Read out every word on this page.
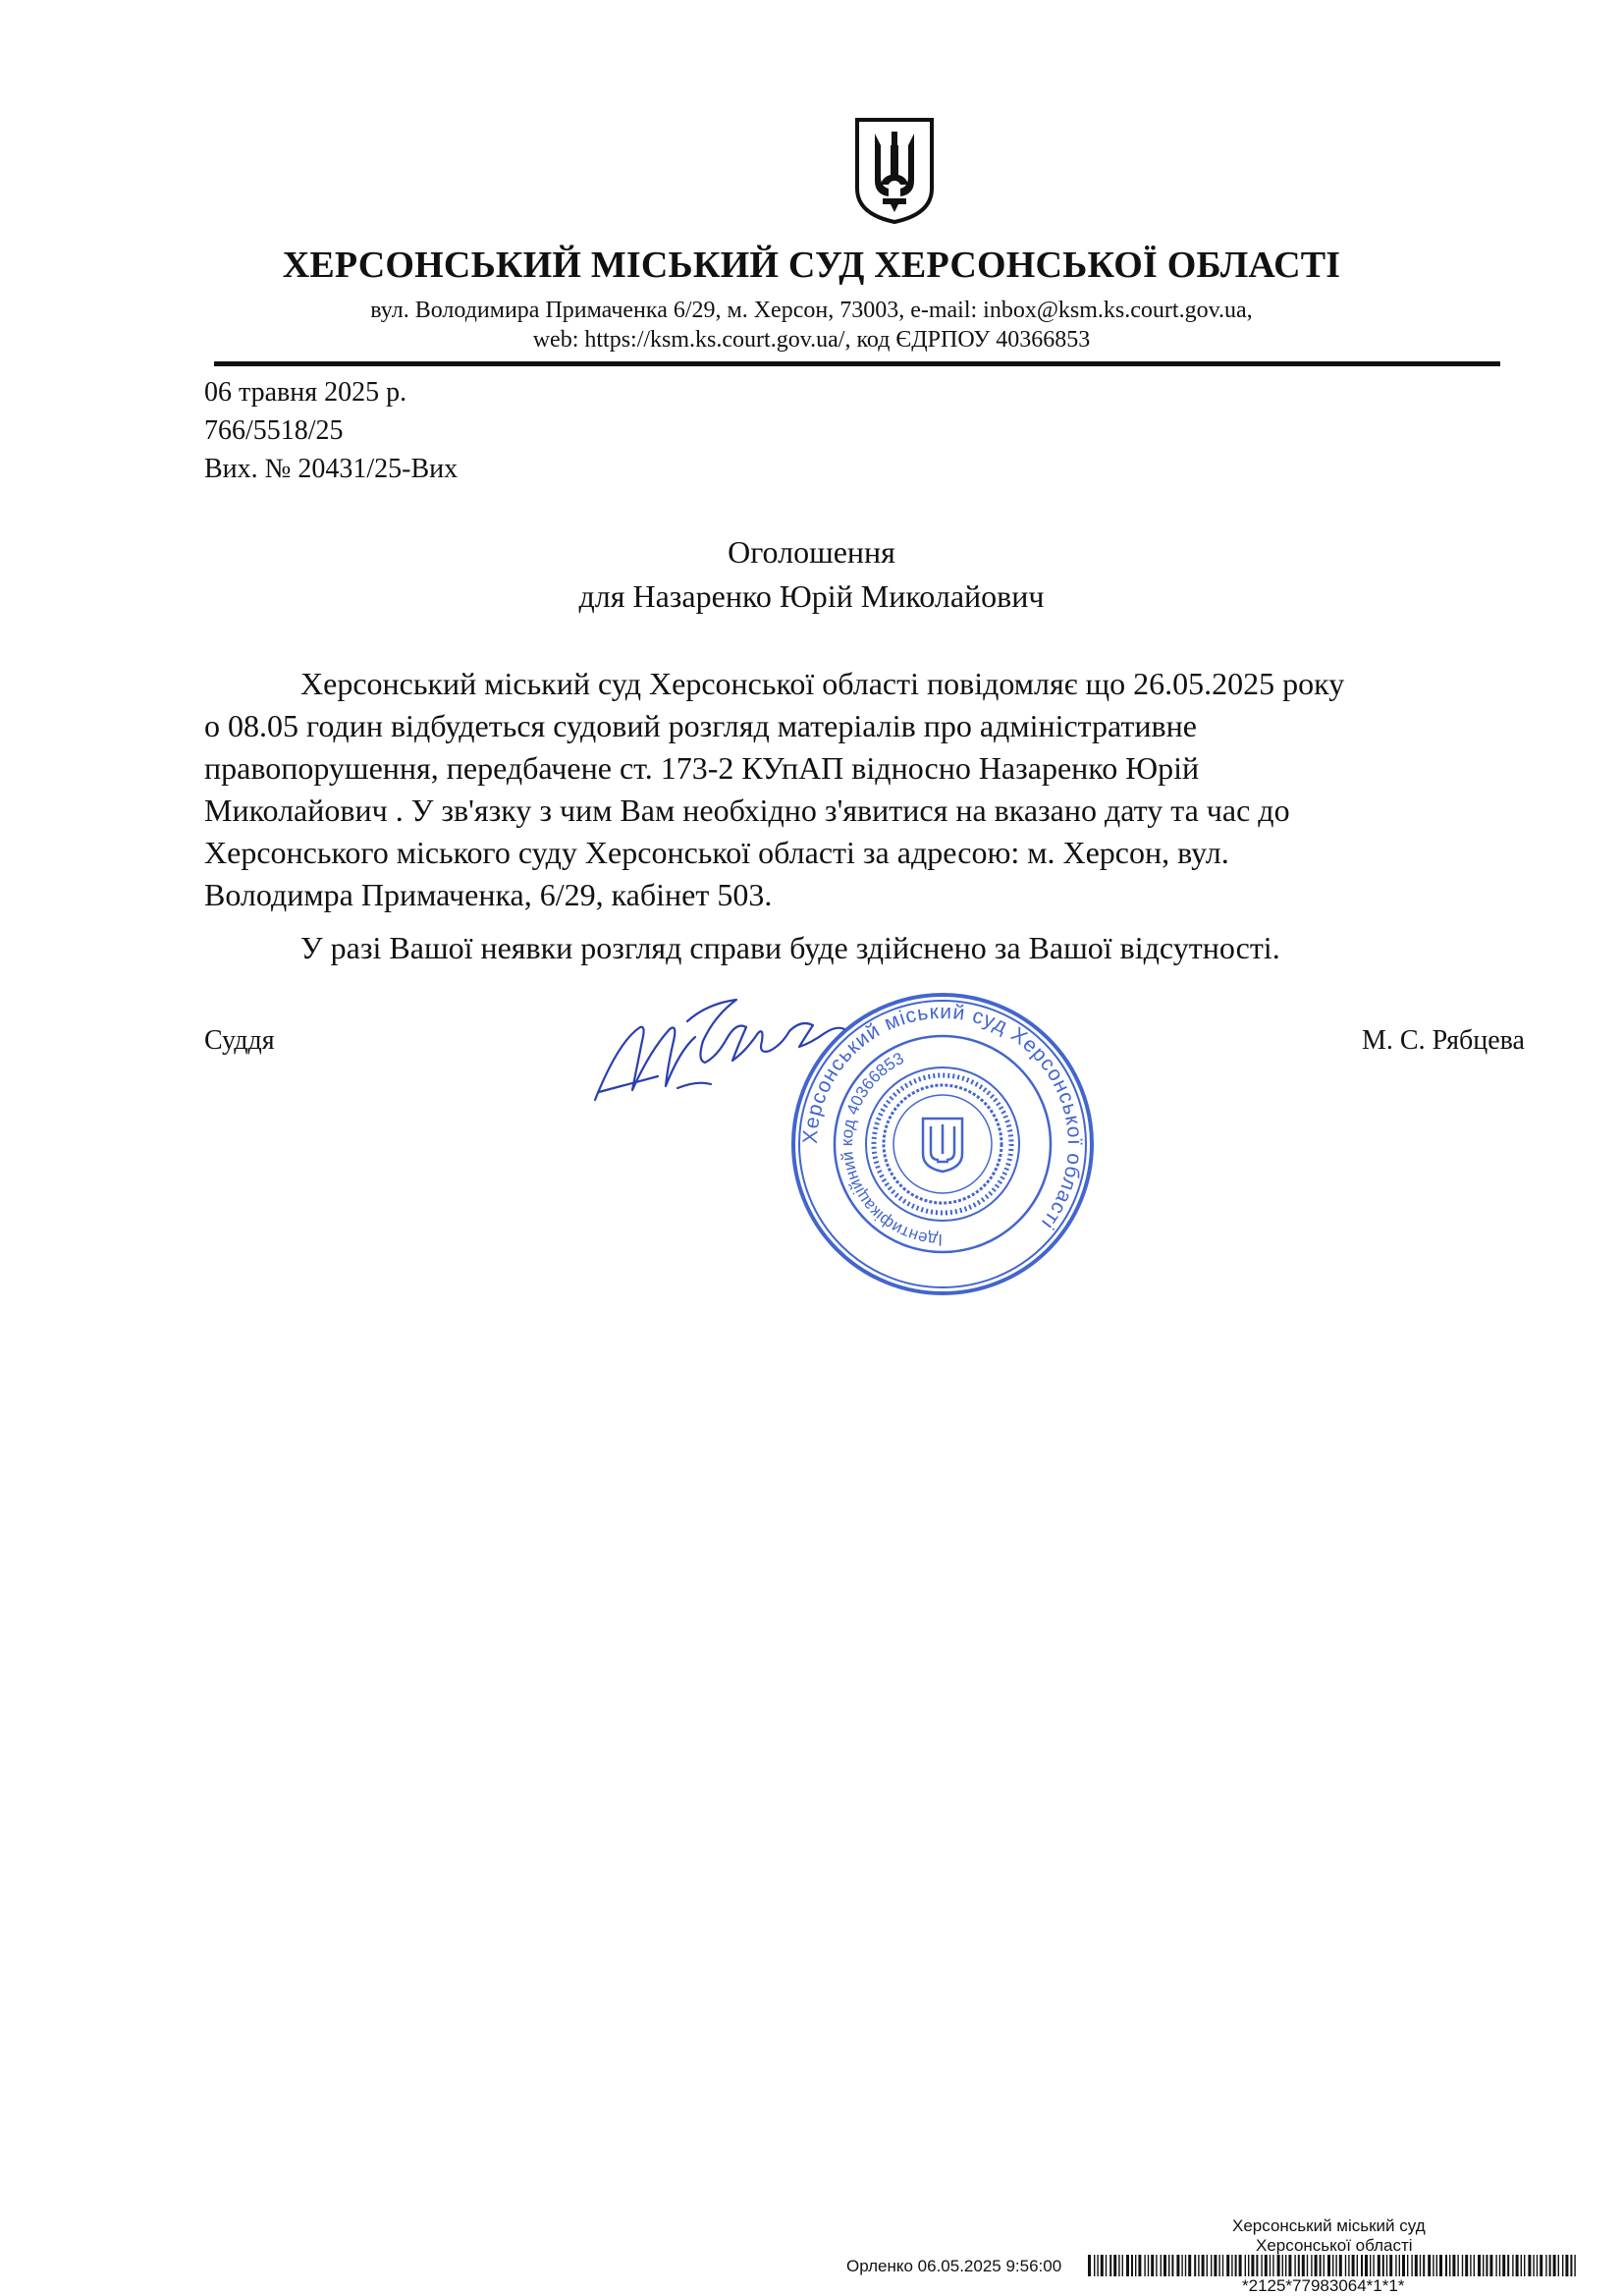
ХЕРСОНСЬКИЙ МІСЬКИЙ СУД ХЕРСОНСЬКОЇ ОБЛАСТІ
вул. Володимира Примаченка 6/29, м. Херсон, 73003, e-mail: inbox@ksm.ks.court.gov.ua,
web: https://ksm.ks.court.gov.ua/, код ЄДРПОУ 40366853
06 травня 2025 р.
766/5518/25
Вих. № 20431/25-Вих
Оголошення
для Назаренко Юрій Миколайович
Херсонський міський суд Херсонської області повідомляє що 26.05.2025 року
о 08.05 годин відбудеться судовий розгляд матеріалів про адміністративне
правопорушення, передбачене ст. 173-2 КУпАП відносно Назаренко Юрій
Миколайович . У зв'язку з чим Вам необхідно з'явитися на вказано дату та час до
Херсонського міського суду Херсонської області за адресою: м. Херсон, вул.
Володимра Примаченка, 6/29, кабінет 503.
У разі Вашої неявки розгляд справи буде здійснено за Вашої відсутності.
Суддя
Херсонський міський суд Херсонської області
Ідентифікаційний код 40366853
М. С. Рябцева
Херсонський міський суд
Херсонської області
Орленко 06.05.2025 9:56:00
*2125*77983064*1*1*
